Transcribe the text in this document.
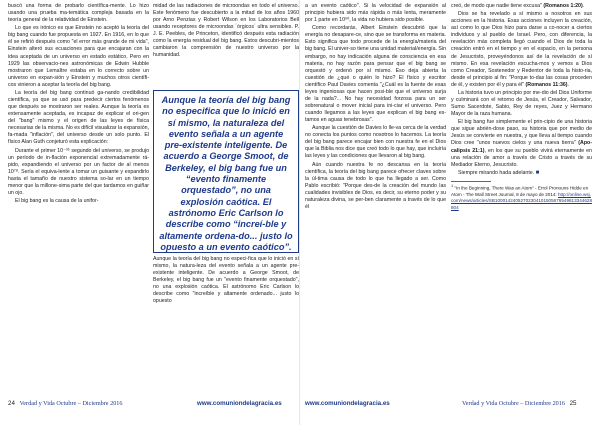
buscó una forma de probarlo científica-mente. Lo hizo usando una prueba ma-temática compleja basada en la teoría general de la relatividad de Einstein.

Lo que es irónico es que Einstein no aceptó la teoría del big bang cuando fue propuesta en 1927. En 1916, en lo que él se refirió después como "el error más grande de mi vida", Einstein alteró sus ecuaciones para que encajaran con la idea aceptada de un universo en estado estático. Pero en 1929 las observacio-nes astronómicas de Edwin Hubble mostraron que Lemaître estaba en lo correcto sobre un universo en expan-sión y Einstein y muchos otros científi-cos vinieron a aceptar la teoría del big bang.

La teoría del big bang continuó ga-nando credibilidad científica, ya que se usó para predecir ciertos fenómenos que después se mostraron ser reales. Aunque la teoría es extensamente aceptada, es incapaz de explicar el ori-gen del "bang" mismo y el origen de las leyes de física necesarias de la misma. No es difícil visualizar la expansión, fa-mada "inflación", del universo desde un solo punto. El físico Alan Guth conjeturó esta explicación:

Durante el primer 10⁻³⁵ segundo del universo, se produjo un período de in-flación exponencial extremadamente rá-pido, expandiendo el universo por un factor de al menos 10⁷⁸. Sería el equiva-lente a tomar un guisante y expandirlo hasta el tamaño de nuestro sistema so-lar en un tiempo menor que la millone-sima parte del que tardamos en guiñar un ojo.

El big bang es la causa de la unifor-

midad de las radiaciones de microondas en todo el universo. Este fenómeno fue descubierto a la mitad de los años 1960 por Arno Penzias y Robert Wilson en los Laboratorios Bell usando receptores de microondas ´órgicos´ ultra sensibles. P. J. E. Peebles, de Princeton, identificó después esta radiación como la energía residual del big bang. Estos descubri-mientos cambiaron la comprensión de nuestro universo por la humanidad.

Aunque la teoría del big bang no especifica que lo inició en sí mismo, la naturaleza del evento señala a un agente pre-existente inteligente. De acuerdo a George Smoot, de Berkeley, el big bang fue un “evento finamente orquestado”, no una explosión caótica. El astrónomo Eric Carlson lo describe como “increí-ble y altamente ordena-do... justo lo opuesto a un evento caótico”.

Aunque la teoría del big bang no especi-fica que lo inició en sí mismo, la natura-leza del evento señala a un agente pre-existente inteligente. De acuerdo a George Smoot, de Berkeley, el big bang fue un "evento finamente orquestado", no una explosión caótica. El astrónomo Eric Carlson lo describe como "increíble y altamente ordenado... justo lo opuesto

a un evento caótico". Si la velocidad de expansión al principio hubiera sido más rápida o más lenta, meramente por 1 parte en 10⁶⁰, la vida no hubiera sido posible.

Como recordarás, Albert Einstein descubrió que la energía no desapare-ce, sino que se transforma en materia. Esto significa que todo procede de la energía/materia del big bang. El univer-so tiene una unidad material/energía. Sin embargo, no hay indicación alguna de consciencia en esa materia, no hay razón para pensar que el big bang se orquestó y ordenó por sí mismo. Eso deja abierta la cuestión de ¿qué o quién lo hizo? El físico y escritor científico Paul Davies comenta "¿Cuál es la fuente de esas leyes ingeniosas que hacen posi-ble que el universo surja de la nada?... No hay necesidad forzosa para un ser sobrenatural o mover inicial para ini-ciar el universo. Pero cuando llegamos a las leyes que explican el big bang es-tamos en aguas tenebrosas".

Aunque la cuestión de Davies lo lle-va cerca de la verdad no conecta los puntos como nosotros lo hacemos. La teoría del big bang parece encajar bien con nuestra fe en el Dios que la Biblia nos dice que creó todo lo que hay, que incluiría las leyes y las condiciones que llevaron al big bang.

Aún cuando nuestra fe no descansa en la teoría científica, la teoría del big bang parece ofrecer claves sobre la úl-tima causa de todo lo que ha llegado a ser. Como Pablo escribió: "Porque des-de la creación del mundo las cualidades invisibles de Dios, es decir, su eterno poder y su naturaleza divina, se per-ben claramente a través de lo que él

creó, de modo que nadie tiene excusa" (Romanos 1:20).

Dios se ha revelado a sí mismo a nosotros en sus acciones en la historia. Esas acciones incluyen la creación, así como lo que Dios hizo para darse a co-nocer a ciertos individuos y al pueblo de Israel. Pero, con diferencia, la revelación más completa llegó cuando el Dios de toda la creación entró en el tiempo y en el espacio, en la persona de Jesucristo, proveyéndonos así de la revelación de sí mismo. En esa revelación escucha-mos y vemos a Dios como Creador, Sostenedor y Redentor de toda la histo-ria, desde el principio al fin: "Porque to-das las cosas proceden de él, y existen por él y para él" (Romanos 11:36).

La historia tuvo un principio por me-dio del Dios Uniforme y culminará con el retorno de Jesús, el Creador, Salvador, Sumo Sacerdote, Sabio, Rey de reyes, Juez y Hermano Mayor de la raza humana.

El big bang fue simplemente el prin-cipio de una historia que sigue abrién-dose paso, su historia que por medio de Jesús se convierte en nuestra, y que lleva al tiempo cuando Dios cree "unos nuevos cielos y una nueva tierra" (Apo-calipsis 21:1), en los que su pueblo vivirá eternamente en una relación de amor a través de Cristo a través de su Mediador Eterno, Jesucristo.

Siempre mirando hada adelante. ■

$^1$ "In the Beginning, There Was an Atom" - Errol Pronouns Hidde en Atom - The Wall Street Journal, 8 de mayo de 2014: http://online.wsj.com/news/articles/SB10001424052702304101505676549813344628804
24 Verdad y Vida Octubre – Diciembre 2016	www.comuniondelagracia.es	www.comuniondelagracia.es	Verdad y Vida Octubre – Diciembre 2016 25
